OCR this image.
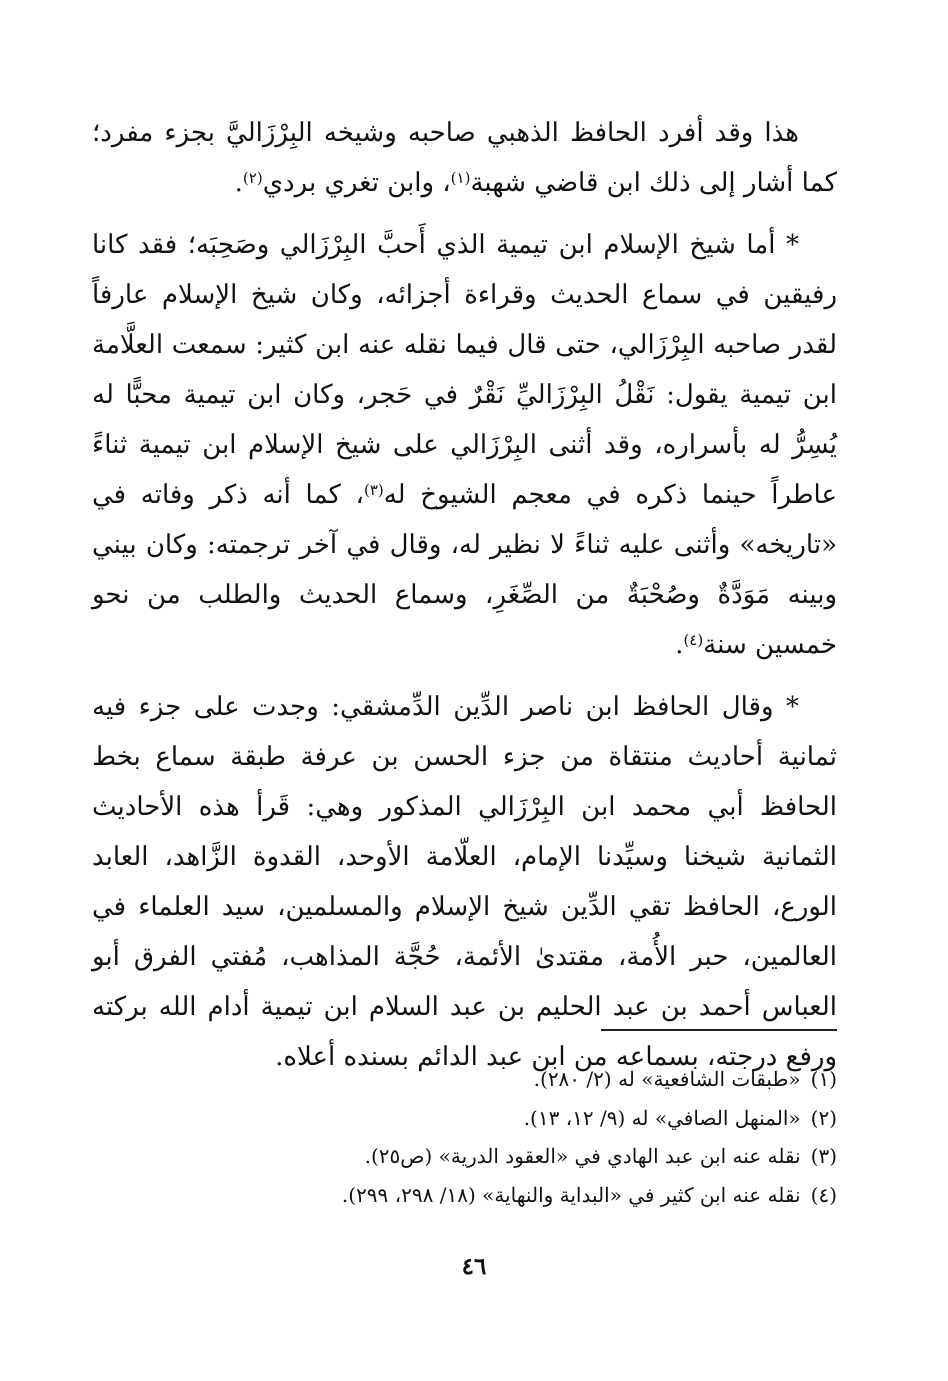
هذا وقد أفرد الحافظ الذهبي صاحبه وشيخه البِرْزَاليَّ بجزء مفرد؛ كما أشار إلى ذلك ابن قاضي شهبة$^{(١)}$، وابن تغري بردي$^{(٢)}$.

* أما شيخ الإسلام ابن تيمية الذي أَحبَّ البِرْزَالي وصَحِبَه؛ فقد كانا رفيقين في سماع الحديث وقراءة أجزائه، وكان شيخ الإسلام عارفاً لقدر صاحبه البِرْزَالي، حتى قال فيما نقله عنه ابن كثير: سمعت العلَّامة ابن تيمية يقول: نَقْلُ البِرْزَاليِّ نَقْرٌ في حَجر، وكان ابن تيمية محبًّا له يُسِرُّ له بأسراره، وقد أثنى البِرْزَالي على شيخ الإسلام ابن تيمية ثناءً عاطراً حينما ذكره في معجم الشيوخ له$^{(٣)}$، كما أنه ذكر وفاته في «تاريخه» وأثنى عليه ثناءً لا نظير له، وقال في آخر ترجمته: وكان بيني وبينه مَوَدَّةٌ وصُحْبَةٌ من الصِّغَرِ، وسماع الحديث والطلب من نحو خمسين سنة$^{(٤)}$.

* وقال الحافظ ابن ناصر الدِّين الدِّمشقي: وجدت على جزء فيه ثمانية أحاديث منتقاة من جزء الحسن بن عرفة طبقة سماع بخط الحافظ أبي محمد ابن البِرْزَالي المذكور وهي: قَرأ هذه الأحاديث الثمانية شيخنا وسيِّدنا الإمام، العلّامة الأوحد، القدوة الزَّاهد، العابد الورع، الحافظ تقي الدِّين شيخ الإسلام والمسلمين، سيد العلماء في العالمين، حبر الأُمة، مقتدىٰ الأئمة، حُجَّة المذاهب، مُفتي الفرق أبو العباس أحمد بن عبد الحليم بن عبد السلام ابن تيمية أدام الله بركته ورفع درجته، بسماعه من ابن عبد الدائم بسنده أعلاه.

(١)«طبقات الشافعية» له (٢/ ٢٨٠).
(٢)«المنهل الصافي» له (٩/ ١٢، ١٣).
(٣)نقله عنه ابن عبد الهادي في «العقود الدرية» (ص٢٥).
(٤)نقله عنه ابن كثير في «البداية والنهاية» (١٨/ ٢٩٨، ٢٩٩).
٤٦
